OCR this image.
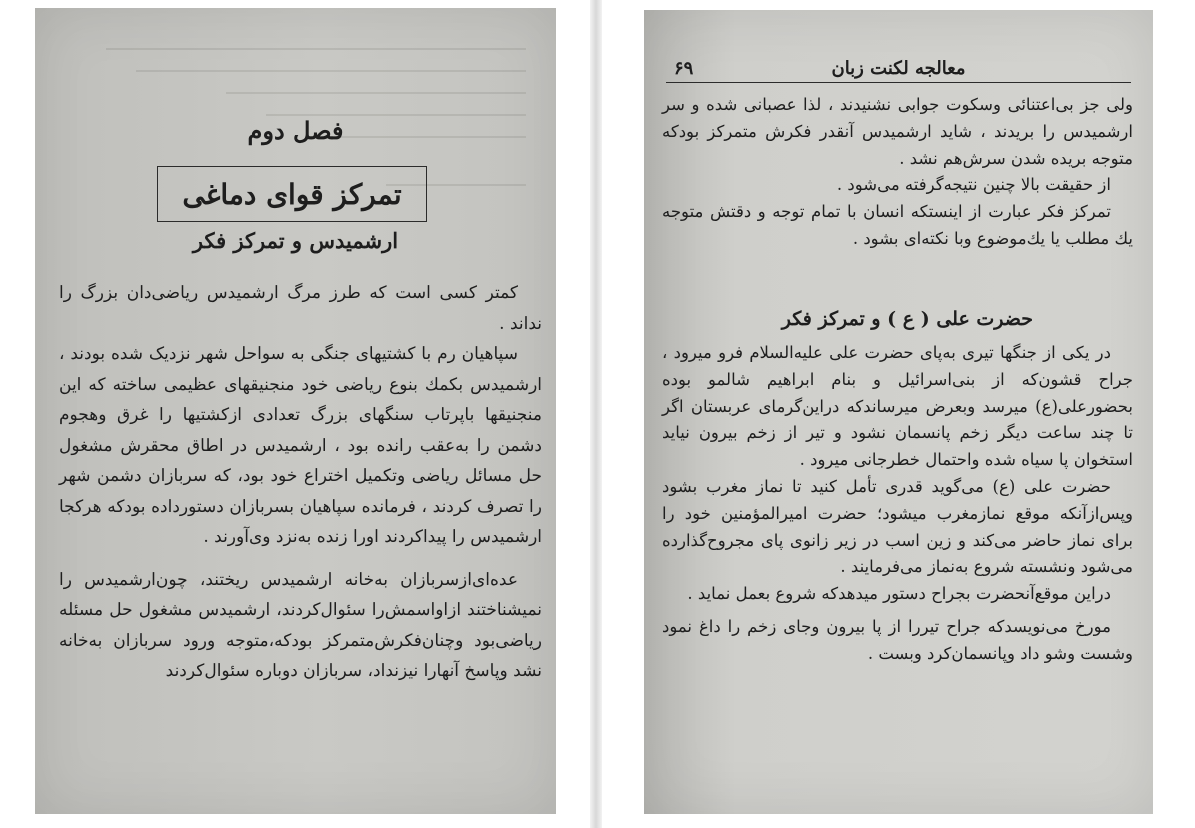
فصل دوم
تمرکز قوای دماغی
ارشمیدس و تمرکز فکر

کمتر کسی است که طرز مرگ ارشمیدس ریاضی‌دان بزرگ را نداند .

سپاهیان رم با کشتیهای جنگی به سواحل شهر نزدیک شده بودند ، ارشمیدس بکمك بنوع ریاضی خود منجنیقهای عظیمی ساخته که این منجنیقها باپرتاب سنگهای بزرگ تعدادی ازکشتیها را غرق وهجوم دشمن را به‌عقب رانده بود ، ارشمیدس در اطاق محقرش مشغول حل مسائل ریاضی وتکمیل اختراع خود بود، که سربازان دشمن شهر را تصرف کردند ، فرمانده سپاهیان بسربازان دستورداده بودکه هرکجا ارشمیدس را پیداکردند اورا زنده به‌نزد وی‌آورند .

عده‌ای‌ازسربازان به‌خانه ارشمیدس ریختند، چون‌ارشمیدس را نمیشناختند ازاواسمش‌را سئوال‌کردند، ارشمیدس مشغول حل مسئله ریاضی‌بود وچنان‌فکرش‌متمرکز بودکه،متوجه ورود سربازان به‌خانه نشد وپاسخ آنهارا نیزنداد، سربازان دوباره سئوال‌کردند

معالجه لکنت زبان
۶۹

ولی جز بی‌اعتنائی وسکوت جوابی نشنیدند ، لذا عصبانی شده و سر ارشمیدس را بریدند ، شاید ارشمیدس آنقدر فکرش متمرکز بودکه متوجه بریده شدن سرش‌هم نشد .

از حقیقت بالا چنین نتیجه‌گرفته می‌شود .

تمرکز فکر عبارت از اینستکه انسان با تمام توجه و دقتش متوجه یك مطلب یا یك‌موضوع وبا نکته‌ای بشود .

حضرت علی ( ع ) و تمرکز فکر

در یکی از جنگها تیری به‌پای حضرت علی علیه‌السلام فرو میرود ، جراح قشون‌که از بنی‌اسرائیل و بنام ابراهیم شالمو بوده بحضورعلی(ع) میرسد وبعرض میرساندکه دراین‌گرمای عربستان اگر تا چند ساعت دیگر زخم پانسمان نشود و تیر از زخم بیرون نیاید استخوان پا سیاه شده واحتمال خطرجانی میرود .

حضرت علی (ع) می‌گوید قدری تأمل کنید تا نماز مغرب بشود وپس‌ازآنکه موقع نمازمغرب میشود؛ حضرت امیرالمؤمنین خود را برای نماز حاضر می‌کند و زین اسب در زیر زانوی پای مجروح‌گذارده می‌شود ونشسته شروع به‌نماز می‌فرمایند .

دراین موقع‌آنحضرت بجراح دستور میدهدکه شروع بعمل نماید .

مورخ می‌نویسدکه جراح تیررا از پا بیرون وجای زخم را داغ نمود وشست وشو داد وپانسمان‌کرد وبست .
